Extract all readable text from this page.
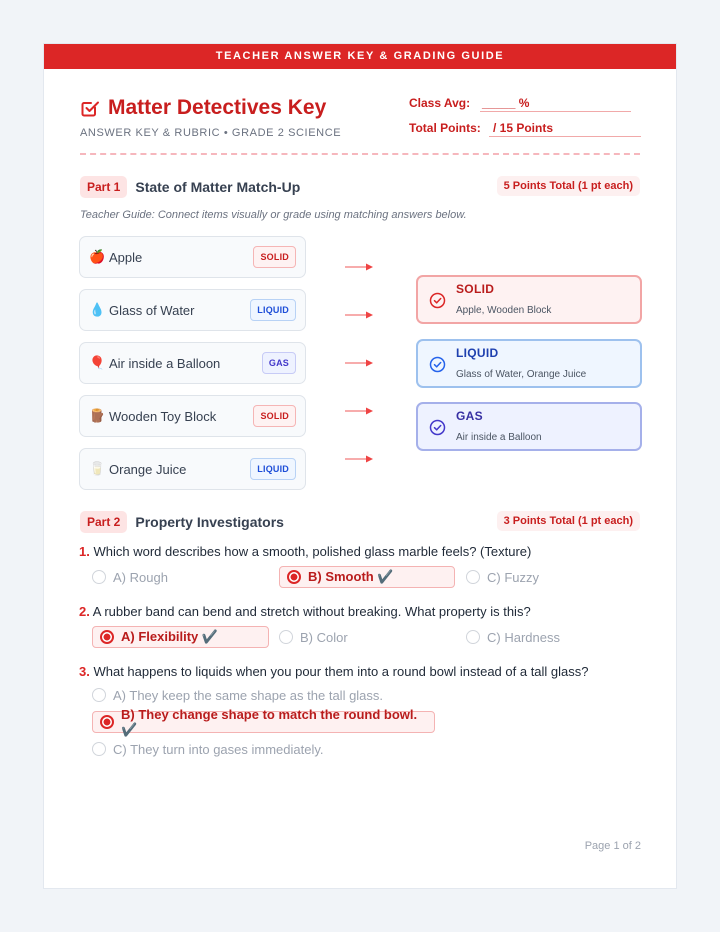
TEACHER ANSWER KEY & GRADING GUIDE
Matter Detectives Key
ANSWER KEY & RUBRIC • GRADE 2 SCIENCE
Class Avg: _____ %
Total Points: / 15 Points
Part 1	State of Matter Match-Up	5 Points Total (1 pt each)
Teacher Guide: Connect items visually or grade using matching answers below.
🍎 Apple	SOLID
💧 Glass of Water	LIQUID
🎈 Air inside a Balloon	GAS
🪵 Wooden Toy Block	SOLID
🥛 Orange Juice	LIQUID
SOLID
Apple, Wooden Block
LIQUID
Glass of Water, Orange Juice
GAS
Air inside a Balloon
Part 2	Property Investigators	3 Points Total (1 pt each)
1. Which word describes how a smooth, polished glass marble feels? (Texture)
A) Rough	B) Smooth ✔️	C) Fuzzy
2. A rubber band can bend and stretch without breaking. What property is this?
A) Flexibility ✔️	B) Color	C) Hardness
3. What happens to liquids when you pour them into a round bowl instead of a tall glass?
A) They keep the same shape as the tall glass.
B) They change shape to match the round bowl. ✔️
C) They turn into gases immediately.
Page 1 of 2
